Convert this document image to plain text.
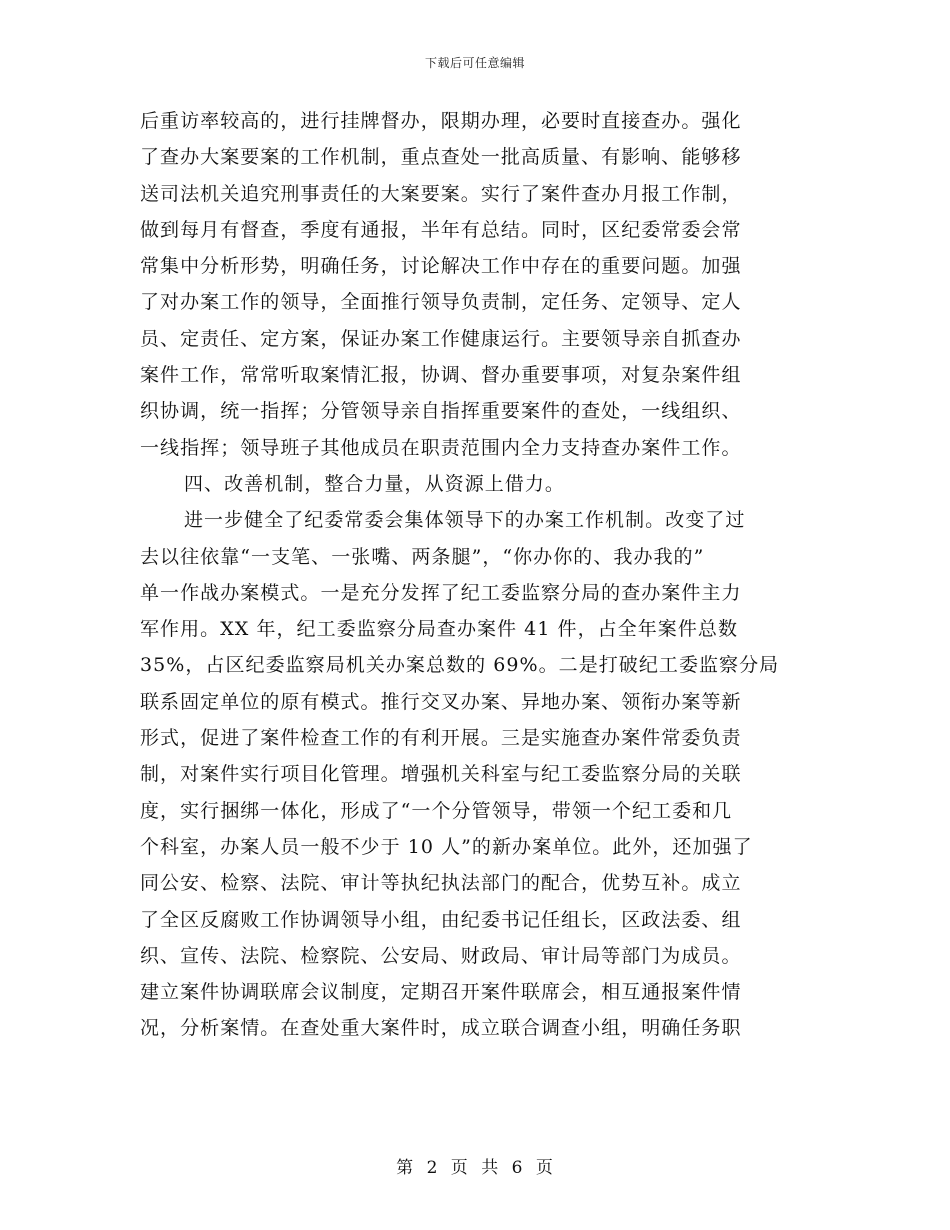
下载后可任意编辑
后重访率较高的，进行挂牌督办，限期办理，必要时直接查办。强化
了查办大案要案的工作机制，重点查处一批高质量、有影响、能够移
送司法机关追究刑事责任的大案要案。实行了案件查办月报工作制，
做到每月有督查，季度有通报，半年有总结。同时，区纪委常委会常
常集中分析形势，明确任务，讨论解决工作中存在的重要问题。加强
了对办案工作的领导，全面推行领导负责制，定任务、定领导、定人
员、定责任、定方案，保证办案工作健康运行。主要领导亲自抓查办
案件工作，常常听取案情汇报，协调、督办重要事项，对复杂案件组
织协调，统一指挥；分管领导亲自指挥重要案件的查处，一线组织、
一线指挥；领导班子其他成员在职责范围内全力支持查办案件工作。
四、改善机制，整合力量，从资源上借力。
进一步健全了纪委常委会集体领导下的办案工作机制。改变了过
去以往依靠“一支笔、一张嘴、两条腿”，“你办你的、我办我的”
单一作战办案模式。一是充分发挥了纪工委监察分局的查办案件主力
军作用。XX 年，纪工委监察分局查办案件 41 件，占全年案件总数
35%，占区纪委监察局机关办案总数的 69%。二是打破纪工委监察分局
联系固定单位的原有模式。推行交叉办案、异地办案、领衔办案等新
形式，促进了案件检查工作的有利开展。三是实施查办案件常委负责
制，对案件实行项目化管理。增强机关科室与纪工委监察分局的关联
度，实行捆绑一体化，形成了“一个分管领导，带领一个纪工委和几
个科室，办案人员一般不少于 10 人”的新办案单位。此外，还加强了
同公安、检察、法院、审计等执纪执法部门的配合，优势互补。成立
了全区反腐败工作协调领导小组，由纪委书记任组长，区政法委、组
织、宣传、法院、检察院、公安局、财政局、审计局等部门为成员。
建立案件协调联席会议制度，定期召开案件联席会，相互通报案件情
况，分析案情。在查处重大案件时，成立联合调查小组，明确任务职
第 2 页 共 6 页
